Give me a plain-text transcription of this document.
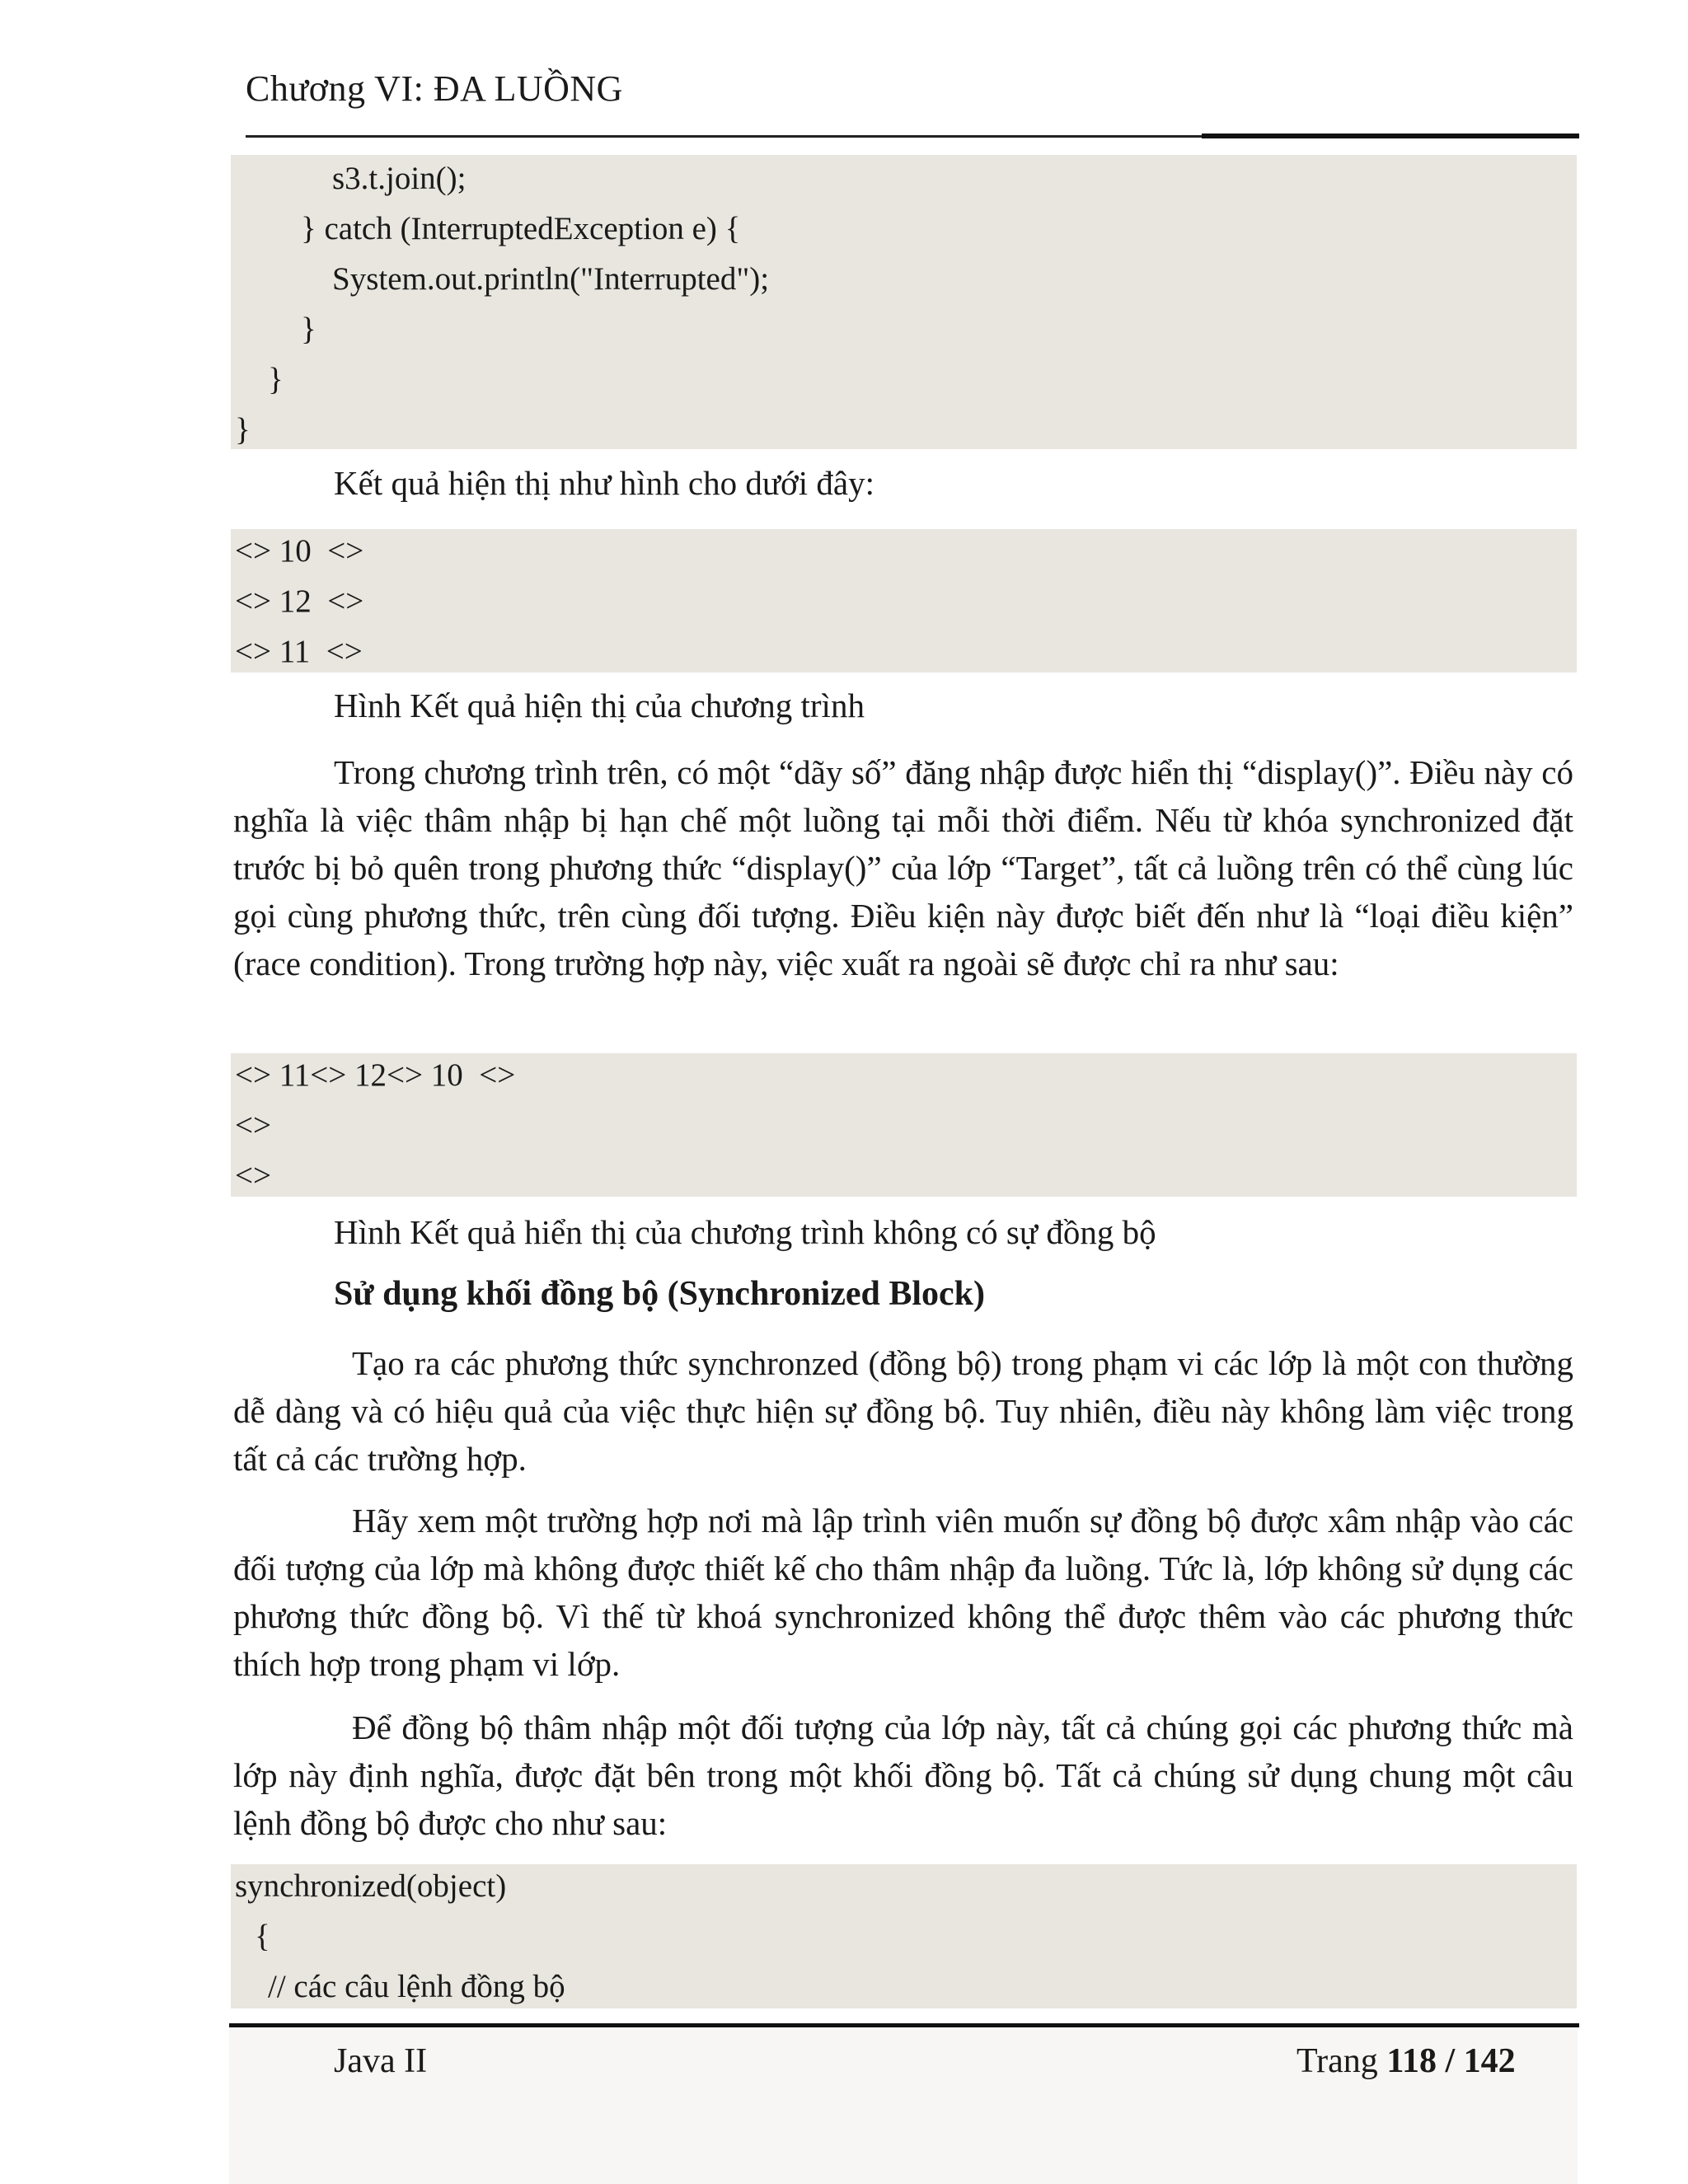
Chương VI: ĐA LUỒNG
s3.t.join();
} catch (InterruptedException e) {
System.out.println("Interrupted");
}
}
}
Kết quả hiện thị như hình cho dưới đây:
<> 10  <>
<> 12  <>
<> 11  <>
Hình Kết quả hiện thị của chương trình
Trong chương trình trên, có một “dãy số” đăng nhập được hiển thị “display()”. Điều này có nghĩa là việc thâm nhập bị hạn chế một luồng tại mỗi thời điểm. Nếu từ khóa synchronized đặt trước bị bỏ quên trong phương thức “display()” của lớp “Target”, tất cả luồng trên có thể cùng lúc gọi cùng phương thức, trên cùng đối tượng. Điều kiện này được biết đến như là “loại điều kiện” (race condition). Trong trường hợp này, việc xuất ra ngoài sẽ được chỉ ra như sau:
<> 11<> 12<> 10  <>
<>
<>
Hình Kết quả hiển thị của chương trình không có sự đồng bộ
Sử dụng khối đồng bộ (Synchronized Block)
Tạo ra các phương thức synchronzed (đồng bộ) trong phạm vi các lớp là một con thường dễ dàng và có hiệu quả của việc thực hiện sự đồng bộ. Tuy nhiên, điều này không làm việc trong tất cả các trường hợp.
Hãy xem một trường hợp nơi mà lập trình viên muốn sự đồng bộ được xâm nhập vào các đối tượng của lớp mà không được thiết kế cho thâm nhập đa luồng. Tức là, lớp không sử dụng các phương thức đồng bộ. Vì thế từ khoá synchronized không thể được thêm vào các phương thức thích hợp trong phạm vi lớp.
Để đồng bộ thâm nhập một đối tượng của lớp này, tất cả chúng gọi các phương thức mà lớp này định nghĩa, được đặt bên trong một khối đồng bộ. Tất cả chúng sử dụng chung một câu lệnh đồng bộ được cho như sau:
synchronized(object)
{
// các câu lệnh đồng bộ
Java II	Trang 118 / 142
